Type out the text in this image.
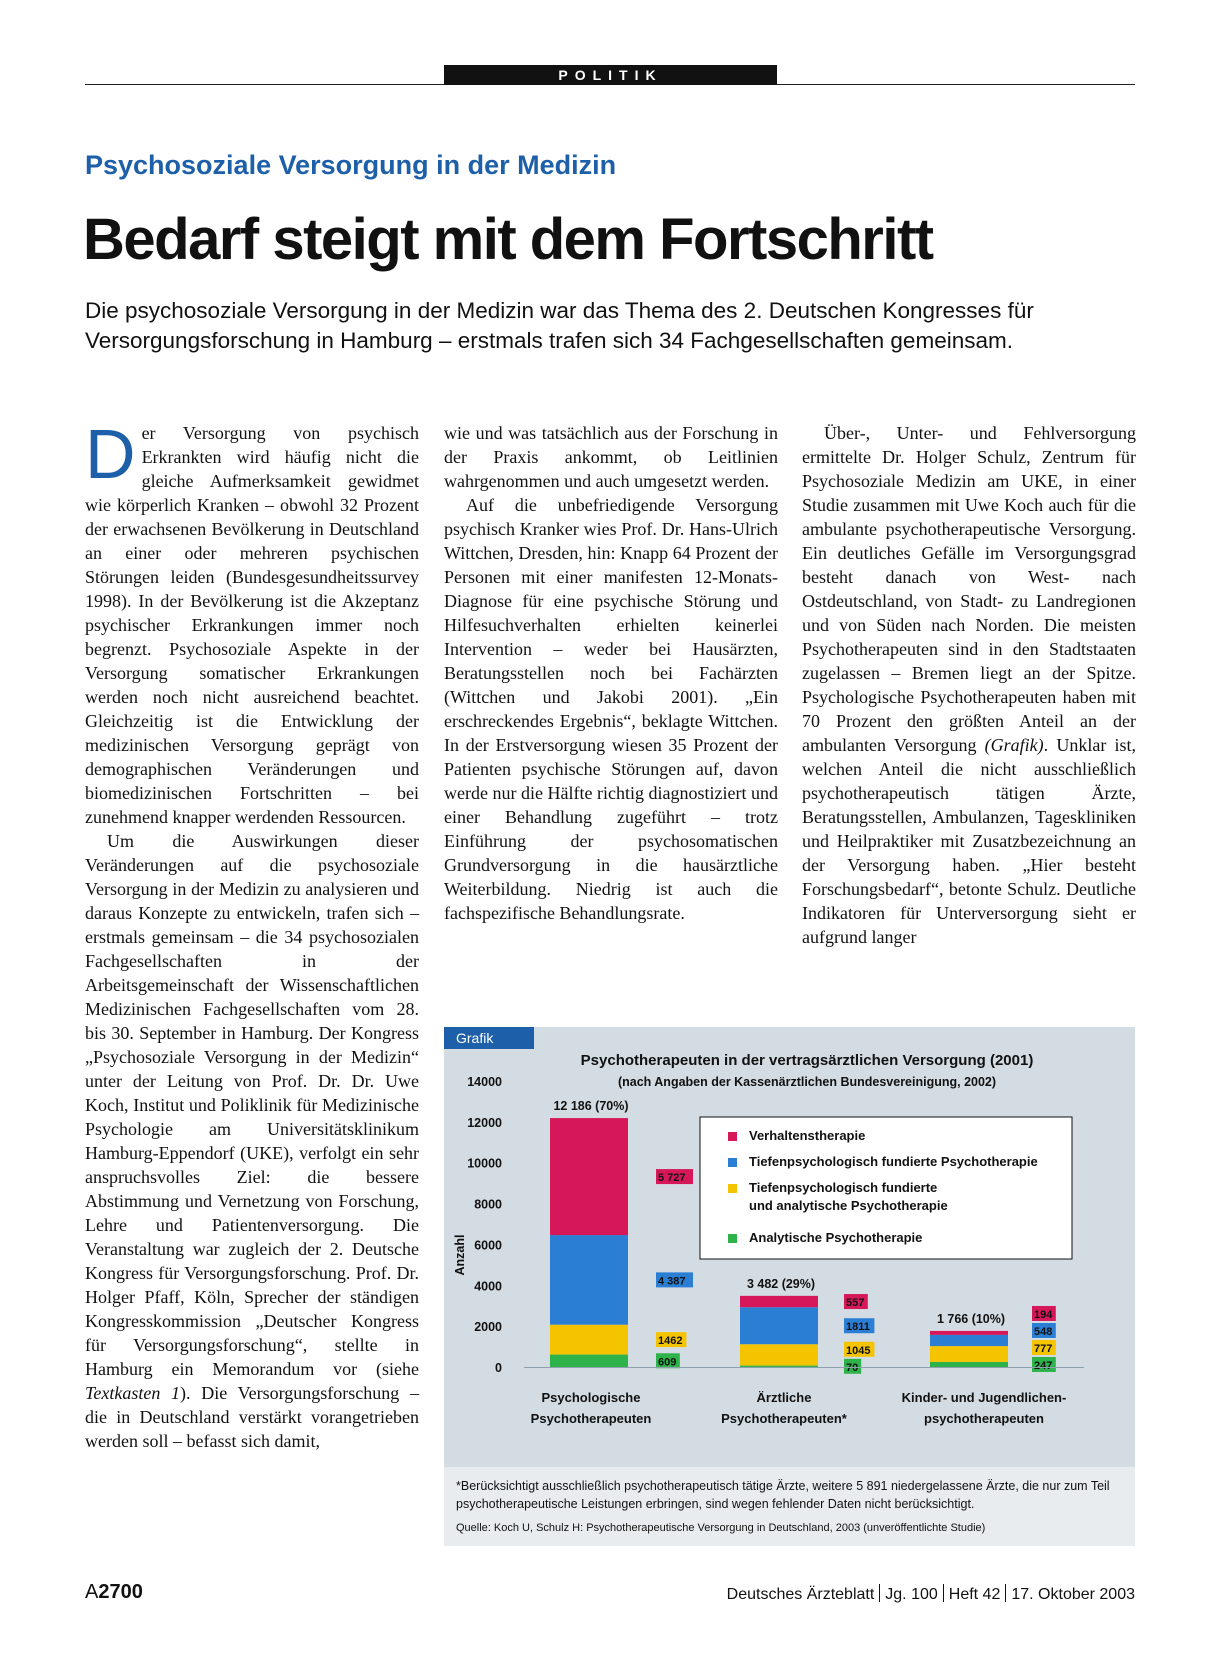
POLITIK
Psychosoziale Versorgung in der Medizin
Bedarf steigt mit dem Fortschritt
Die psychosoziale Versorgung in der Medizin war das Thema des 2. Deutschen Kongresses für Versorgungsforschung in Hamburg – erstmals trafen sich 34 Fachgesellschaften gemeinsam.

Der Versorgung von psychisch Erkrankten wird häufig nicht die gleiche Aufmerksamkeit gewidmet wie körperlich Kranken – obwohl 32 Prozent der erwachsenen Bevölkerung in Deutschland an einer oder mehreren psychischen Störungen leiden (Bundesgesundheitssurvey 1998). In der Bevölkerung ist die Akzeptanz psychischer Erkrankungen immer noch begrenzt. Psychosoziale Aspekte in der Versorgung somatischer Erkrankungen werden noch nicht ausreichend beachtet. Gleichzeitig ist die Entwicklung der medizinischen Versorgung geprägt von demographischen Veränderungen und biomedizinischen Fortschritten – bei zunehmend knapper werdenden Ressourcen.

Um die Auswirkungen dieser Veränderungen auf die psychosoziale Versorgung in der Medizin zu analysieren und daraus Konzepte zu entwickeln, trafen sich – erstmals gemeinsam – die 34 psychosozialen Fachgesellschaften in der Arbeitsgemeinschaft der Wissenschaftlichen Medizinischen Fachgesellschaften vom 28. bis 30. September in Hamburg. Der Kongress „Psychosoziale Versorgung in der Medizin“ unter der Leitung von Prof. Dr. Dr. Uwe Koch, Institut und Poliklinik für Medizinische Psychologie am Universitätsklinikum Hamburg-Eppendorf (UKE), verfolgt ein sehr anspruchsvolles Ziel: die bessere Abstimmung und Vernetzung von Forschung, Lehre und Patientenversorgung. Die Veranstaltung war zugleich der 2. Deutsche Kongress für Versorgungsforschung. Prof. Dr. Holger Pfaff, Köln, Sprecher der ständigen Kongresskommission „Deutscher Kongress für Versorgungsforschung“, stellte in Hamburg ein Memorandum vor (siehe Textkasten 1). Die Versorgungsforschung – die in Deutschland verstärkt vorangetrieben werden soll – befasst sich damit,

wie und was tatsächlich aus der Forschung in der Praxis ankommt, ob Leitlinien wahrgenommen und auch umgesetzt werden.

Auf die unbefriedigende Versorgung psychisch Kranker wies Prof. Dr. Hans-Ulrich Wittchen, Dresden, hin: Knapp 64 Prozent der Personen mit einer manifesten 12-Monats-Diagnose für eine psychische Störung und Hilfesuchverhalten erhielten keinerlei Intervention – weder bei Hausärzten, Beratungsstellen noch bei Fachärzten (Wittchen und Jakobi 2001). „Ein erschreckendes Ergebnis“, beklagte Wittchen. In der Erstversorgung wiesen 35 Prozent der Patienten psychische Störungen auf, davon werde nur die Hälfte richtig diagnostiziert und einer Behandlung zugeführt – trotz Einführung der psychosomatischen Grundversorgung in die hausärztliche Weiterbildung. Niedrig ist auch die fachspezifische Behandlungsrate.

Über-, Unter- und Fehlversorgung ermittelte Dr. Holger Schulz, Zentrum für Psychosoziale Medizin am UKE, in einer Studie zusammen mit Uwe Koch auch für die ambulante psychotherapeutische Versorgung. Ein deutliches Gefälle im Versorgungsgrad besteht danach von West- nach Ostdeutschland, von Stadt- zu Landregionen und von Süden nach Norden. Die meisten Psychotherapeuten sind in den Stadtstaaten zugelassen – Bremen liegt an der Spitze. Psychologische Psychotherapeuten haben mit 70 Prozent den größten Anteil an der ambulanten Versorgung (Grafik). Unklar ist, welchen Anteil die nicht ausschließlich psychotherapeutisch tätigen Ärzte, Beratungsstellen, Ambulanzen, Tageskliniken und Heilpraktiker mit Zusatzbezeichnung an der Versorgung haben. „Hier besteht Forschungsbedarf“, betonte Schulz. Deutliche Indikatoren für Unterversorgung sieht er aufgrund langer

Psychotherapeuten in der vertragsärztlichen Versorgung (2001)
(nach Angaben der Kassenärztlichen Bundesvereinigung, 2002)
0
2000
4000
6000
8000
10000
12000
14000
Anzahl
12 186 (70%)
3 482 (29%)
1 766 (10%)
609
1462
4 387
5 727
70
1045
1811
557
247
777
548
194
Psychologische
Psychotherapeuten
Ärztliche
Psychotherapeuten*
Kinder- und Jugendlichen-
psychotherapeuten
Verhaltenstherapie
Tiefenpsychologisch fundierte Psychotherapie
Tiefenpsychologisch fundierte
und analytische Psychotherapie
Analytische Psychotherapie
Grafik
*Berücksichtigt ausschließlich psychotherapeutisch tätige Ärzte, weitere 5 891 niedergelassene Ärzte, die nur zum Teil psychotherapeutische Leistungen erbringen, sind wegen fehlender Daten nicht berücksichtigt.
Quelle: Koch U, Schulz H: Psychotherapeutische Versorgung in Deutschland, 2003 (unveröffentlichte Studie)
A2700	Deutsches Ärzteblatt Jg. 100 Heft 42 17. Oktober 2003
